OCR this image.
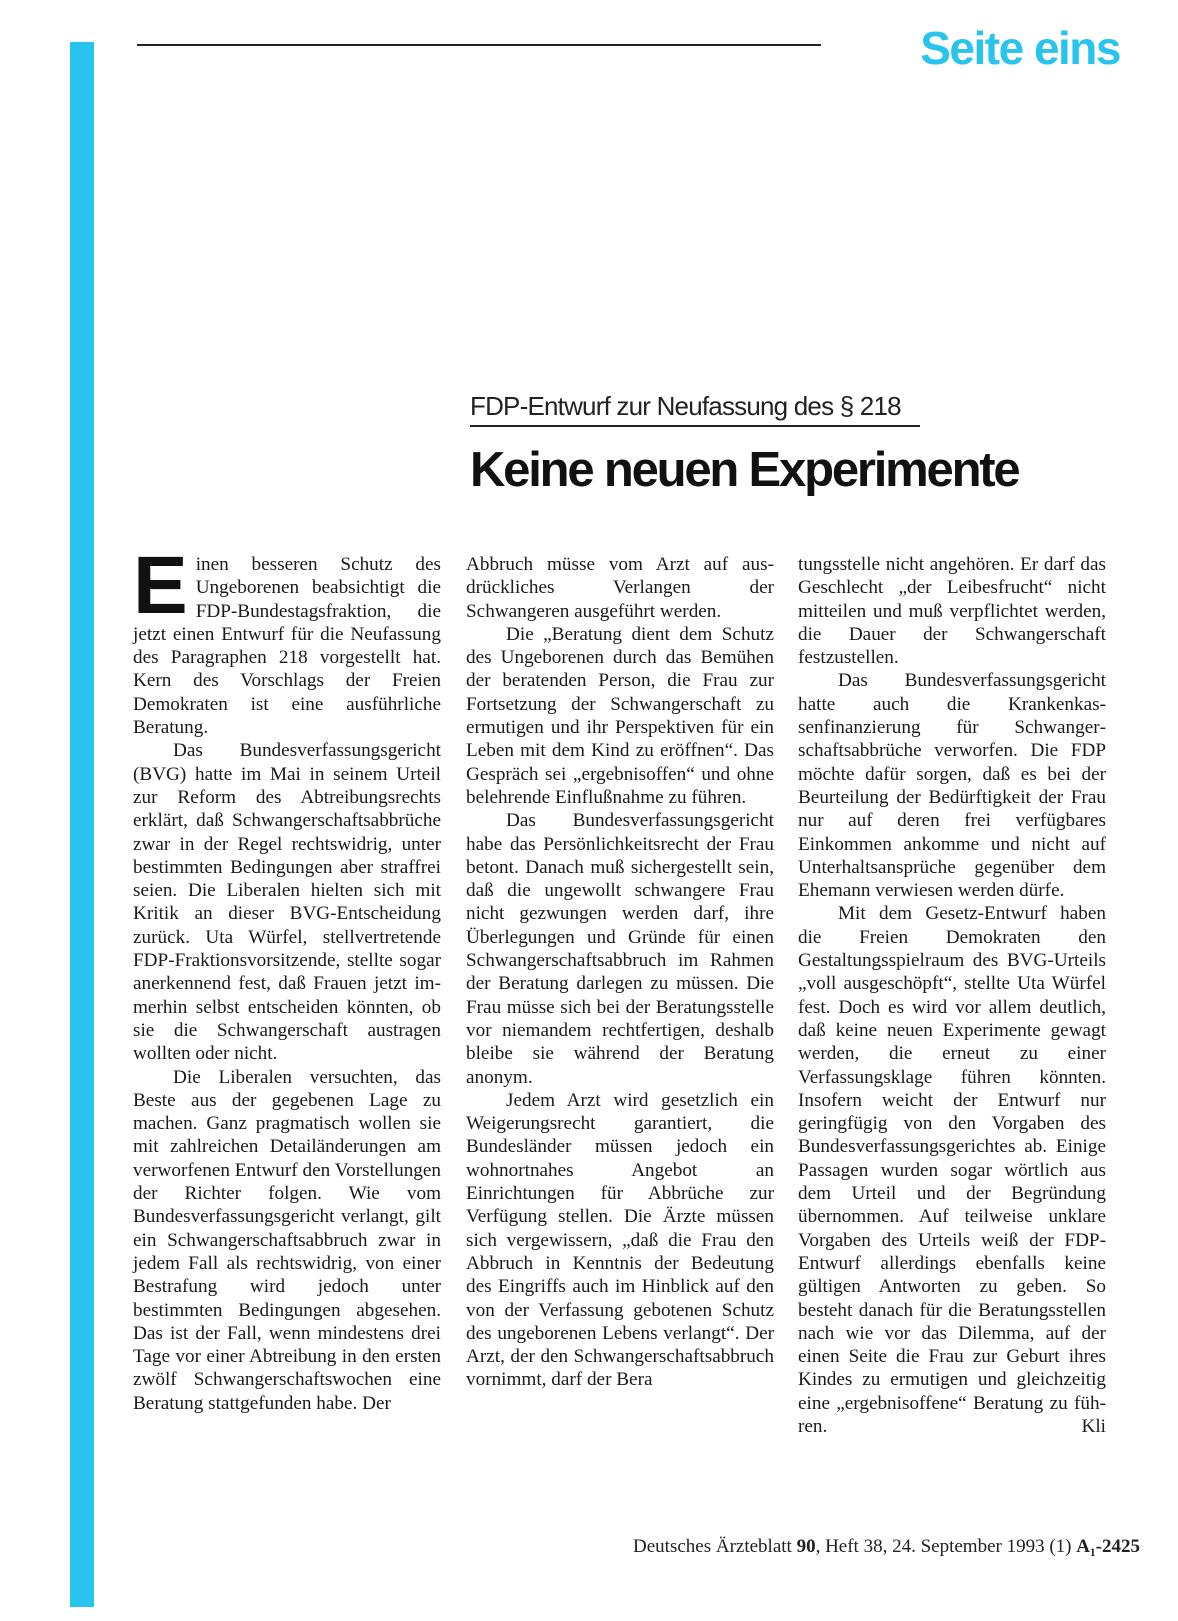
Seite eins
FDP-Entwurf zur Neufassung des § 218
Keine neuen Experimente

Einen besseren Schutz des Ungeborenen beabsichtigt die FDP-Bundestagsfraktion, die jetzt einen Entwurf für die Neufassung des Paragraphen 218 vorgestellt hat. Kern des Vorschlags der Freien Demokraten ist eine ausführliche Beratung.

Das Bundesverfassungsgericht (BVG) hatte im Mai in seinem Urteil zur Reform des Abtreibungsrechts erklärt, daß Schwangerschaftsabbrüche zwar in der Regel rechtswidrig, unter bestimmten Bedingungen aber straffrei seien. Die Liberalen hielten sich mit Kritik an dieser BVG-Entscheidung zurück. Uta Würfel, stellvertretende FDP-Fraktionsvorsitzende, stellte sogar anerkennend fest, daß Frauen jetzt immerhin selbst entscheiden könnten, ob sie die Schwangerschaft austragen wollten oder nicht.

Die Liberalen versuchten, das Beste aus der gegebenen Lage zu machen. Ganz pragmatisch wollen sie mit zahlreichen Detailänderungen am verworfenen Entwurf den Vorstellungen der Richter folgen. Wie vom Bundesverfassungsgericht verlangt, gilt ein Schwangerschaftsabbruch zwar in jedem Fall als rechtswidrig, von einer Bestrafung wird jedoch unter bestimmten Bedingungen abgesehen. Das ist der Fall, wenn mindestens drei Tage vor einer Abtreibung in den ersten zwölf Schwangerschaftswochen eine Beratung stattgefunden habe. Der

Abbruch müsse vom Arzt auf ausdrückliches Verlangen der Schwangeren ausgeführt werden.

Die „Beratung dient dem Schutz des Ungeborenen durch das Bemühen der beratenden Person, die Frau zur Fortsetzung der Schwangerschaft zu ermutigen und ihr Perspektiven für ein Leben mit dem Kind zu eröffnen“. Das Gespräch sei „ergebnisoffen“ und ohne belehrende Einflußnahme zu führen.

Das Bundesverfassungsgericht habe das Persönlichkeitsrecht der Frau betont. Danach muß sichergestellt sein, daß die ungewollt schwangere Frau nicht gezwungen werden darf, ihre Überlegungen und Gründe für einen Schwangerschaftsabbruch im Rahmen der Beratung darlegen zu müssen. Die Frau müsse sich bei der Beratungsstelle vor niemandem rechtfertigen, deshalb bleibe sie während der Beratung anonym.

Jedem Arzt wird gesetzlich ein Weigerungsrecht garantiert, die Bundesländer müssen jedoch ein wohnortnahes Angebot an Einrichtungen für Abbrüche zur Verfügung stellen. Die Ärzte müssen sich vergewissern, „daß die Frau den Abbruch in Kenntnis der Bedeutung des Eingriffs auch im Hinblick auf den von der Verfassung gebotenen Schutz des ungeborenen Lebens verlangt“. Der Arzt, der den Schwangerschaftsabbruch vornimmt, darf der Bera

tungsstelle nicht angehören. Er darf das Geschlecht „der Leibesfrucht“ nicht mitteilen und muß verpflichtet werden, die Dauer der Schwangerschaft festzustellen.

Das Bundesverfassungsgericht hatte auch die Krankenkassenfinanzierung für Schwangerschaftsabbrüche verworfen. Die FDP möchte dafür sorgen, daß es bei der Beurteilung der Bedürftigkeit der Frau nur auf deren frei verfügbares Einkommen ankomme und nicht auf Unterhaltsansprüche gegenüber dem Ehemann verwiesen werden dürfe.

Mit dem Gesetz-Entwurf haben die Freien Demokraten den Gestaltungsspielraum des BVG-Urteils „voll ausgeschöpft“, stellte Uta Würfel fest. Doch es wird vor allem deutlich, daß keine neuen Experimente gewagt werden, die erneut zu einer Verfassungsklage führen könnten. Insofern weicht der Entwurf nur geringfügig von den Vorgaben des Bundesverfassungsgerichtes ab. Einige Passagen wurden sogar wörtlich aus dem Urteil und der Begründung übernommen. Auf teilweise unklare Vorgaben des Urteils weiß der FDP-Entwurf allerdings ebenfalls keine gültigen Antworten zu geben. So besteht danach für die Beratungsstellen nach wie vor das Dilemma, auf der einen Seite die Frau zur Geburt ihres Kindes zu ermutigen und gleichzeitig eine „ergebnisoffene“ Beratung zu führen.	Kli
Deutsches Ärzteblatt 90, Heft 38, 24. September 1993 (1) A₁-2425
